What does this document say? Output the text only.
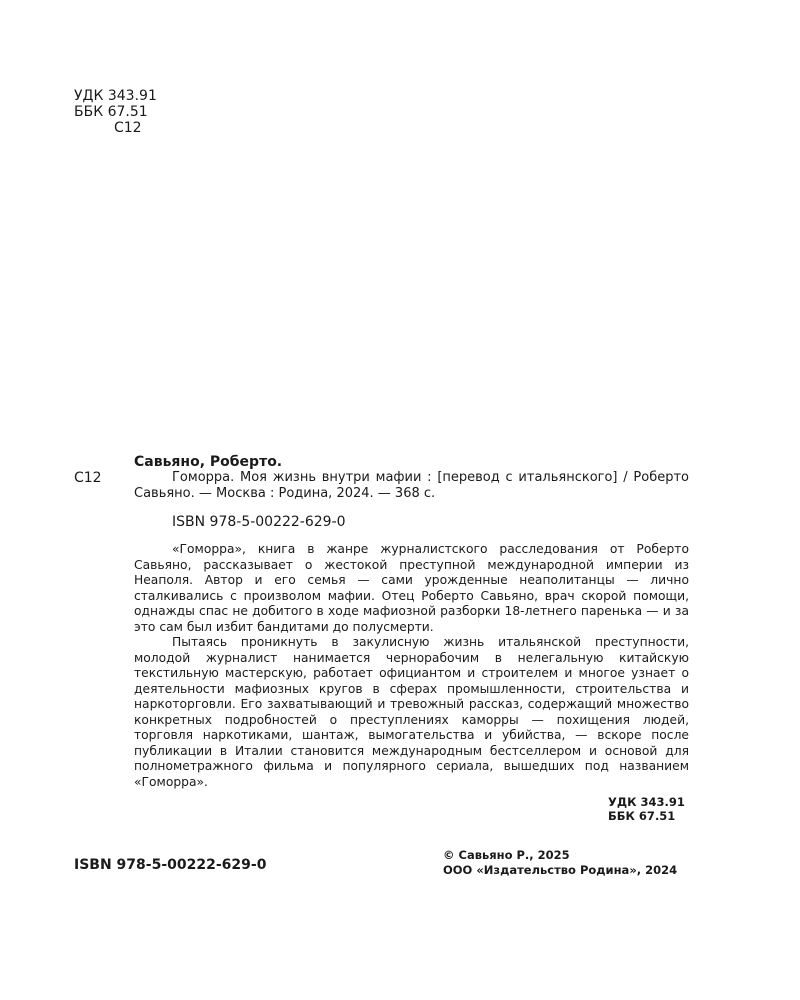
УДК 343.91
ББК 67.51
С12
С12
Савьяно, Роберто.

Гоморра. Моя жизнь внутри мафии : [перевод с итальянского] / Роберто Савьяно. — Москва : Родина, 2024. — 368 с.

ISBN 978-5-00222-629-0

«Гоморра», книга в жанре журналистского расследования от Роберто Савьяно, рассказывает о жестокой преступной международной империи из Неаполя. Автор и его семья — сами урожденные неаполитанцы — лично сталкивались с произволом мафии. Отец Роберто Савьяно, врач скорой помощи, однажды спас не добитого в ходе мафиозной разборки 18-летнего паренька — и за это сам был избит бандитами до полусмерти.

Пытаясь проникнуть в закулисную жизнь итальянской преступности, молодой журналист нанимается чернорабочим в нелегальную китайскую текстильную мастерскую, работает официантом и строителем и многое узнает о деятельности мафиозных кругов в сферах промышленности, строительства и наркоторговли. Его захватывающий и тревожный рассказ, содержащий множество конкретных подробностей о преступлениях каморры — похищения людей, торговля наркотиками, шантаж, вымогательства и убийства, — вскоре после публикации в Италии становится международным бестселлером и основой для полнометражного фильма и популярного сериала, вышедших под названием «Гоморра».

УДК 343.91
ББК 67.51
ISBN 978-5-00222-629-0
© Савьяно Р., 2025
ООО «Издательство Родина», 2024
